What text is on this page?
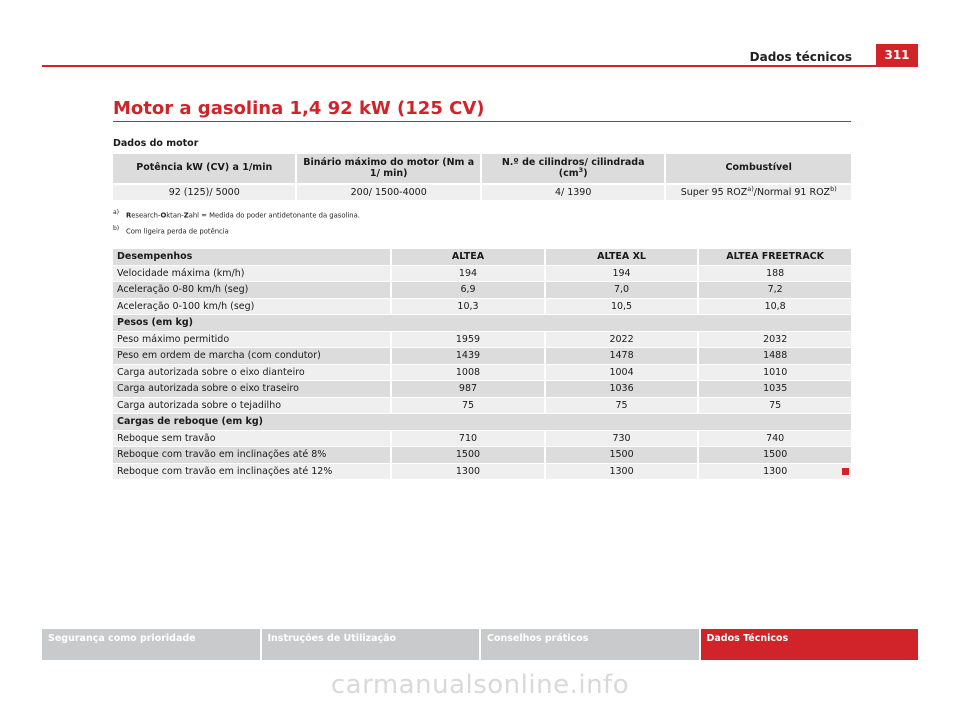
Dados técnicos	311
Motor a gasolina 1,4 92 kW (125 CV)
Dados do motor
Potência kW (CV) a 1/min	Binário máximo do motor (Nm a 1/ min)	N.º de cilindros/ cilindrada $(cm^3)$	Combustível
92 (125)/ 5000	200/ 1500-4000	4/ 1390	Super 95 ROZ$^{a)}$/Normal 91 ROZ$^{b)}$
a) Research-Oktan-Zahl = Medida do poder antidetonante da gasolina.
b) Com ligeira perda de potência
Desempenhos	ALTEA	ALTEA XL	ALTEA FREETRACK
Velocidade máxima (km/h)	194	194	188
Aceleração 0-80 km/h (seg)	6,9	7,0	7,2
Aceleração 0-100 km/h (seg)	10,3	10,5	10,8
Pesos (em kg)			
Peso máximo permitido	1959	2022	2032
Peso em ordem de marcha (com condutor)	1439	1478	1488
Carga autorizada sobre o eixo dianteiro	1008	1004	1010
Carga autorizada sobre o eixo traseiro	987	1036	1035
Carga autorizada sobre o tejadilho	75	75	75
Cargas de reboque (em kg)			
Reboque sem travão	710	730	740
Reboque com travão em inclinações até 8%	1500	1500	1500
Reboque com travão em inclinações até 12%	1300	1300	1300
Segurança como prioridade	Instruções de Utilização	Conselhos práticos	Dados Técnicos
carmanualsonline.info
